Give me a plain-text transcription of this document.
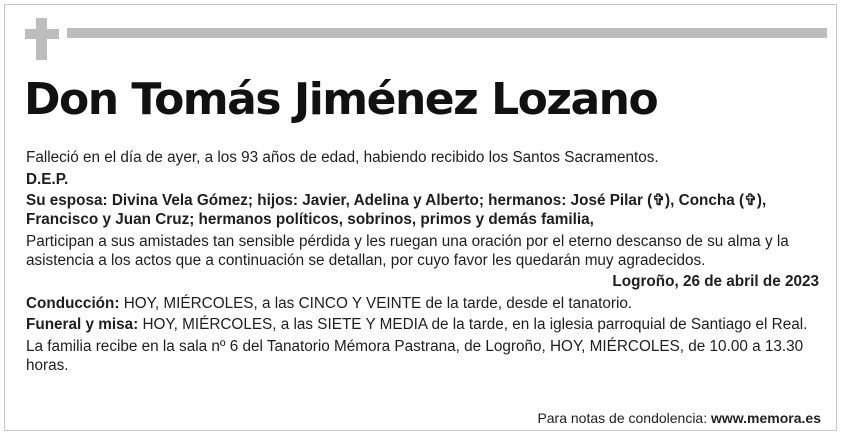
Don Tomás Jiménez Lozano

Falleció en el día de ayer, a los 93 años de edad, habiendo recibido los Santos Sacramentos.

D.E.P.

Su esposa: Divina Vela Gómez; hijos: Javier, Adelina y Alberto; hermanos: José Pilar (✞), Concha (✞), Francisco y Juan Cruz; hermanos políticos, sobrinos, primos y demás familia,

Participan a sus amistades tan sensible pérdida y les ruegan una oración por el eterno descanso de su alma y la asistencia a los actos que a continuación se detallan, por cuyo favor les quedarán muy agradecidos.

Logroño, 26 de abril de 2023

Conducción: HOY, MIÉRCOLES, a las CINCO Y VEINTE de la tarde, desde el tanatorio.

Funeral y misa: HOY, MIÉRCOLES, a las SIETE Y MEDIA de la tarde, en la iglesia parroquial de Santiago el Real.

La familia recibe en la sala nº 6 del Tanatorio Mémora Pastrana, de Logroño, HOY, MIÉRCOLES, de 10.00 a 13.30 horas.

Para notas de condolencia: www.memora.es
